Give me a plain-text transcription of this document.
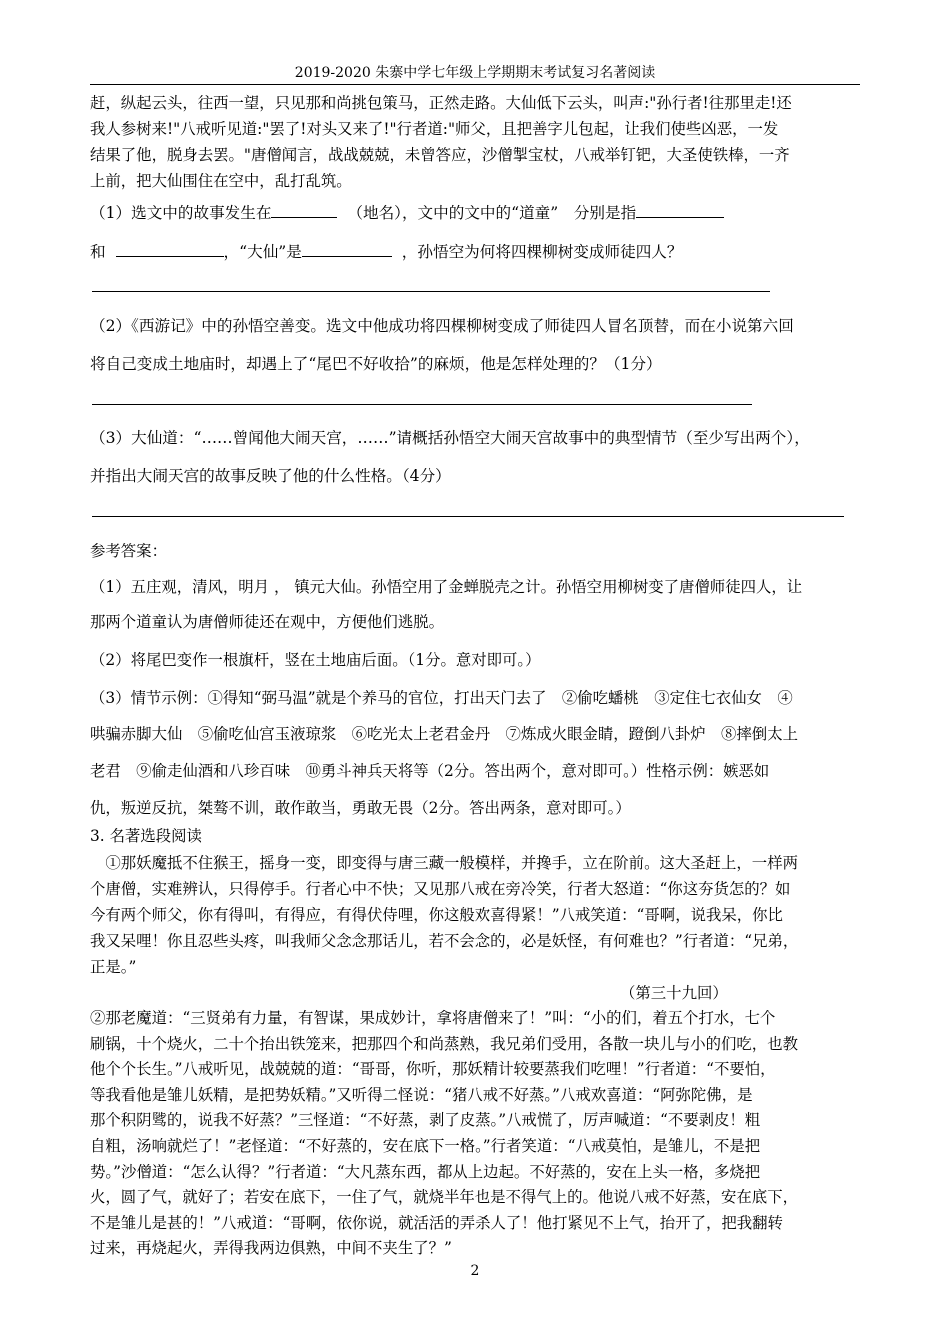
2019-2020 朱寨中学七年级上学期期末考试复习名著阅读
赶，纵起云头，往西一望，只见那和尚挑包策马，正然走路。大仙低下云头，叫声:"孙行者!往那里走!还
我人参树来!"八戒听见道:"罢了!对头又来了!"行者道:"师父，且把善字儿包起，让我们使些凶恶，一发
结果了他，脱身去罢。"唐僧闻言，战战兢兢，未曾答应，沙僧掣宝杖，八戒举钉钯，大圣使铁棒，一齐
上前，把大仙围住在空中，乱打乱筑。
（1）选文中的故事发生在	（地名），文中的文中的“道童”　分别是指
和	，“大仙”是	，孙悟空为何将四棵柳树变成师徒四人？
（2）《西游记》中的孙悟空善变。选文中他成功将四棵柳树变成了师徒四人冒名顶替，而在小说第六回
将自己变成土地庙时，却遇上了“尾巴不好收拾”的麻烦，他是怎样处理的？（1分）
（3）大仙道：“……曾闻他大闹天宫，……”请概括孙悟空大闹天宫故事中的典型情节（至少写出两个），
并指出大闹天宫的故事反映了他的什么性格。（4分）
参考答案：
（1）五庄观，清风，明月 ， 镇元大仙。孙悟空用了金蝉脱壳之计。孙悟空用柳树变了唐僧师徒四人，让
那两个道童认为唐僧师徒还在观中，方便他们逃脱。
（2）将尾巴变作一根旗杆，竖在土地庙后面。（1分。意对即可。）
（3）情节示例：①得知“弼马温”就是个养马的官位，打出天门去了　②偷吃蟠桃　③定住七衣仙女　④
哄骗赤脚大仙　⑤偷吃仙宫玉液琼浆　⑥吃光太上老君金丹　⑦炼成火眼金睛，蹬倒八卦炉　⑧摔倒太上
老君　⑨偷走仙酒和八珍百味　⑩勇斗神兵天将等（2分。答出两个，意对即可。）性格示例：嫉恶如
仇，叛逆反抗，桀骜不训，敢作敢当，勇敢无畏（2分。答出两条，意对即可。）
3. 名著选段阅读
　①那妖魔抵不住猴王，摇身一变，即变得与唐三藏一般模样，并搀手，立在阶前。这大圣赶上，一样两
个唐僧，实难辨认，只得停手。行者心中不快；又见那八戒在旁冷笑，行者大怒道：“你这夯货怎的？如
今有两个师父，你有得叫，有得应，有得伏侍哩，你这般欢喜得紧！”八戒笑道：“哥啊，说我呆，你比
我又呆哩！你且忍些头疼，叫我师父念念那话儿，若不会念的，必是妖怪，有何难也？”行者道：“兄弟，
正是。”
（第三十九回）
②那老魔道：“三贤弟有力量，有智谋，果成妙计，拿将唐僧来了！”叫：“小的们，着五个打水，七个
刷锅，十个烧火，二十个抬出铁笼来，把那四个和尚蒸熟，我兄弟们受用，各散一块儿与小的们吃，也教
他个个长生。”八戒听见，战兢兢的道：“哥哥，你听，那妖精计较要蒸我们吃哩！”行者道：“不要怕，
等我看他是雏儿妖精，是把势妖精。”又听得二怪说：“猪八戒不好蒸。”八戒欢喜道：“阿弥陀佛，是
那个积阴骘的，说我不好蒸？”三怪道：“不好蒸，剥了皮蒸。”八戒慌了，厉声喊道：“不要剥皮！粗
自粗，汤响就烂了！”老怪道：“不好蒸的，安在底下一格。”行者笑道：“八戒莫怕，是雏儿，不是把
势。”沙僧道：“怎么认得？”行者道：“大凡蒸东西，都从上边起。不好蒸的，安在上头一格，多烧把
火，圆了气，就好了；若安在底下，一住了气，就烧半年也是不得气上的。他说八戒不好蒸，安在底下，
不是雏儿是甚的！”八戒道：“哥啊，依你说，就活活的弄杀人了！他打紧见不上气，抬开了，把我翻转
2
过来，再烧起火，弄得我两边俱熟，中间不夹生了？”
